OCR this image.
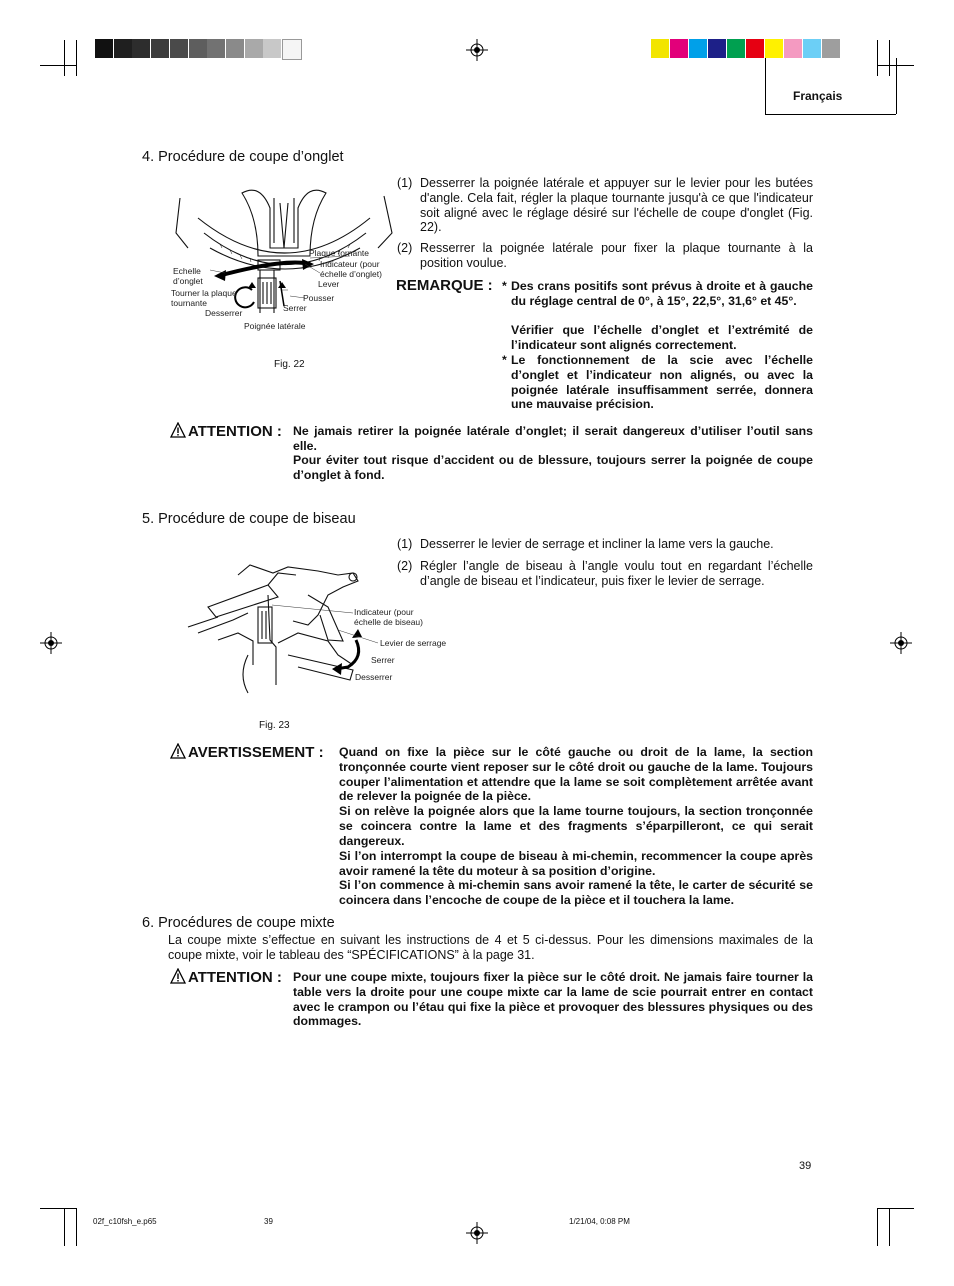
Français
4. Procédure de coupe d’onglet
Plaque tornante
Indicateur (pour
échelle d’onglet)
Echelle
d’onglet	Lever
Tourner la plaque
tournante	Pousser
Serrer
Desserrer
Poignée latérale
Fig. 22
(1) Desserrer la poignée latérale et appuyer sur le levier pour les butées d'angle. Cela fait, régler la plaque tournante jusqu'à ce que l'indicateur soit aligné avec le réglage désiré sur l'échelle de coupe d'onglet (Fig. 22).
(2) Resserrer la poignée latérale pour fixer la plaque tournante à la position voulue.
REMARQUE : * Des crans positifs sont prévus à droite et à gauche du réglage central de 0°, à 15°, 22,5°, 31,6° et 45°.
Vérifier que l’échelle d’onglet et l’extrémité de l’indicateur sont alignés correctement.
* Le fonctionnement de la scie avec l’échelle d’onglet et l’indicateur non alignés, ou avec la poignée latérale insuffisamment serrée, donnera une mauvaise précision.
ATTENTION : Ne jamais retirer la poignée latérale d’onglet; il serait dangereux d’utiliser l’outil sans elle.
Pour éviter tout risque d’accident ou de blessure, toujours serrer la poignée de coupe d’onglet à fond.
5. Procédure de coupe de biseau
Indicateur (pour
échelle de biseau)
Levier de serrage
Serrer
Desserrer
Fig. 23
(1) Desserrer le levier de serrage et incliner la lame vers la gauche.
(2) Régler l’angle de biseau à l’angle voulu tout en regardant l’échelle d’angle de biseau et l’indicateur, puis fixer le levier de serrage.
AVERTISSEMENT : Quand on fixe la pièce sur le côté gauche ou droit de la lame, la section tronçonnée courte vient reposer sur le côté droit ou gauche de la lame. Toujours couper l’alimentation et attendre que la lame se soit complètement arrêtée avant de relever la poignée de la pièce.
Si on relève la poignée alors que la lame tourne toujours, la section tronçonnée se coincera contre la lame et des fragments s’éparpilleront, ce qui serait dangereux.
Si l’on interrompt la coupe de biseau à mi-chemin, recommencer la coupe après avoir ramené la tête du moteur à sa position d’origine.
Si l’on commence à mi-chemin sans avoir ramené la tête, le carter de sécurité se coincera dans l’encoche de coupe de la pièce et il touchera la lame.
6. Procédures de coupe mixte
La coupe mixte s’effectue en suivant les instructions de 4 et 5 ci-dessus. Pour les dimensions maximales de la coupe mixte, voir le tableau des “SPÉCIFICATIONS” à la page 31.
ATTENTION : Pour une coupe mixte, toujours fixer la pièce sur le côté droit. Ne jamais faire tourner la table vers la droite pour une coupe mixte car la lame de scie pourrait entrer en contact avec le crampon ou l’étau qui fixe la pièce et provoquer des blessures physiques ou des dommages.
39
02f_c10fsh_e.p65	39	1/21/04, 0:08 PM
